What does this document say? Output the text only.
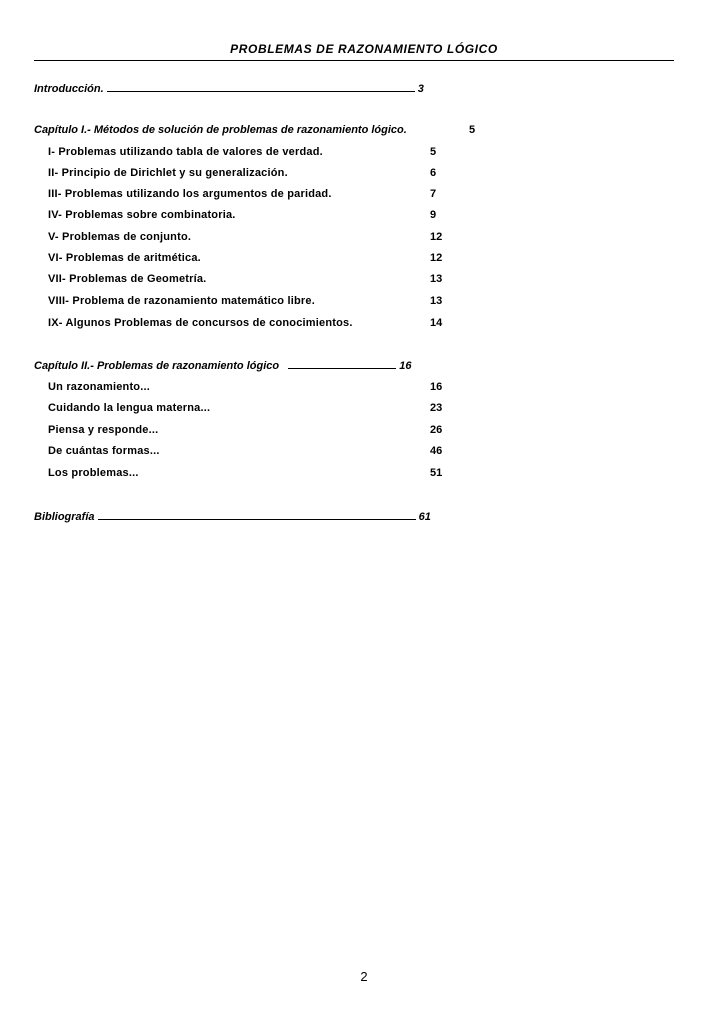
PROBLEMAS DE RAZONAMIENTO LÓGICO
Introducción.	3
Capítulo I.- Métodos de solución de problemas de razonamiento lógico.	5
I- Problemas utilizando tabla de valores de verdad.	5
II- Principio de Dirichlet y su generalización.	6
III- Problemas utilizando los argumentos de paridad.	7
IV- Problemas sobre combinatoria.	9
V- Problemas de conjunto.	12
VI- Problemas de aritmética.	12
VII- Problemas de Geometría.	13
VIII- Problema de razonamiento matemático libre.	13
IX- Algunos Problemas de concursos de conocimientos.	14
Capítulo II.- Problemas de razonamiento lógico	16
Un razonamiento...	16
Cuidando la lengua materna...	23
Piensa y responde...	26
De cuántas formas...	46
Los problemas...	51
Bibliografía	61
2
